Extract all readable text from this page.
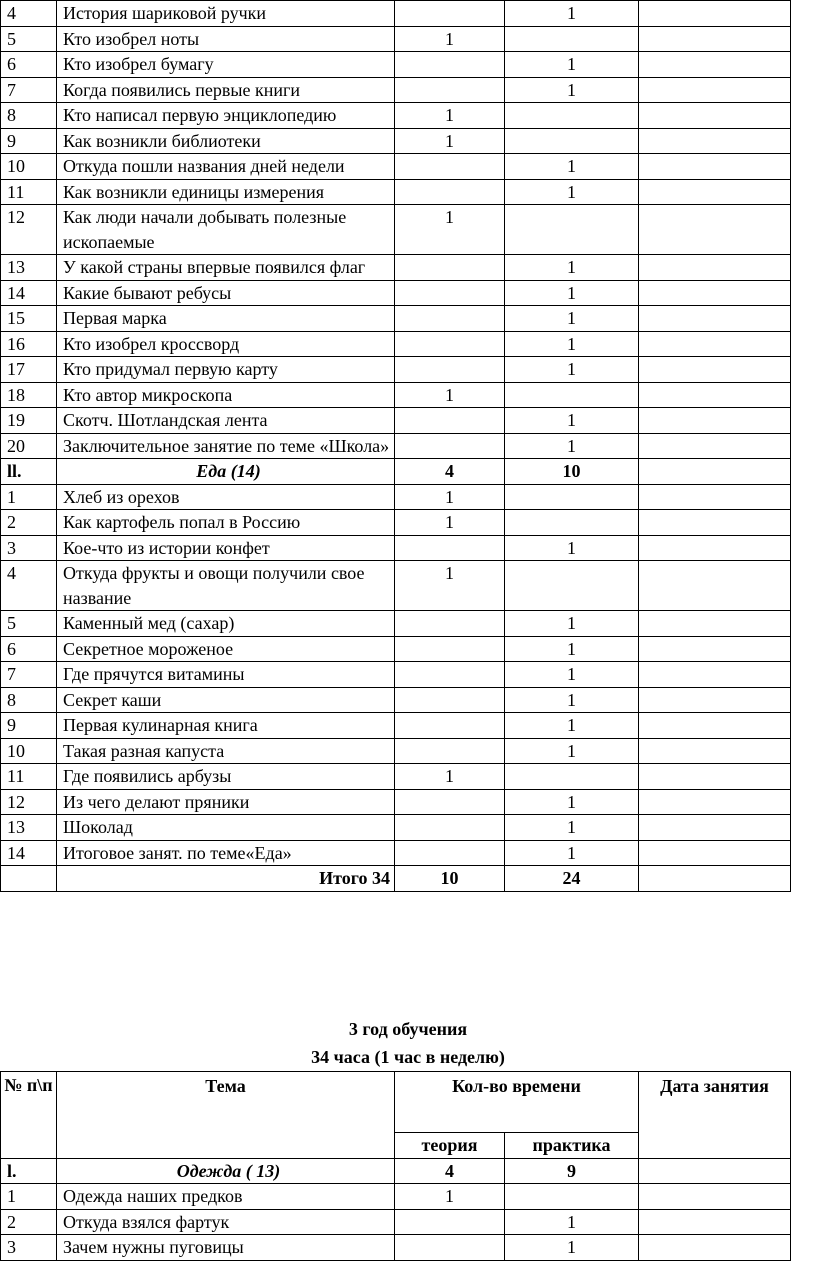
4	История шариковой ручки		1	
5	Кто изобрел ноты	1		
6	Кто изобрел бумагу		1	
7	Когда появились первые книги		1	
8	Кто написал первую энциклопедию	1		
9	Как возникли библиотеки	1		
10	Откуда пошли названия дней недели		1	
11	Как возникли единицы измерения		1	
12	Как люди начали добывать полезные ископаемые	1		
13	У какой страны впервые появился флаг		1	
14	Какие бывают ребусы		1	
15	Первая марка		1	
16	Кто изобрел кроссворд		1	
17	Кто придумал первую карту		1	
18	Кто автор микроскопа	1		
19	Скотч. Шотландская лента		1	
20	Заключительное занятие по теме «Школа»		1	
ll.	Еда (14)	4	10	
1	Хлеб из орехов	1		
2	Как картофель попал в Россию	1		
3	Кое-что из истории конфет		1	
4	Откуда фрукты и овощи получили свое название	1		
5	Каменный мед (сахар)		1	
6	Секретное мороженое		1	
7	Где прячутся витамины		1	
8	Секрет каши		1	
9	Первая кулинарная книга		1	
10	Такая разная капуста		1	
11	Где появились арбузы	1		
12	Из чего делают пряники		1	
13	Шоколад		1	
14	Итоговое занят. по теме«Еда»		1	
	Итого 34	10	24	
3 год обучения
34 часа (1 час в неделю)
№ п\п	Тема	Кол-во времени		Дата занятия
		теория	практика	
l.	Одежда ( 13)	4	9	
1	Одежда наших предков	1		
2	Откуда взялся фартук		1	
3	Зачем нужны пуговицы		1	
